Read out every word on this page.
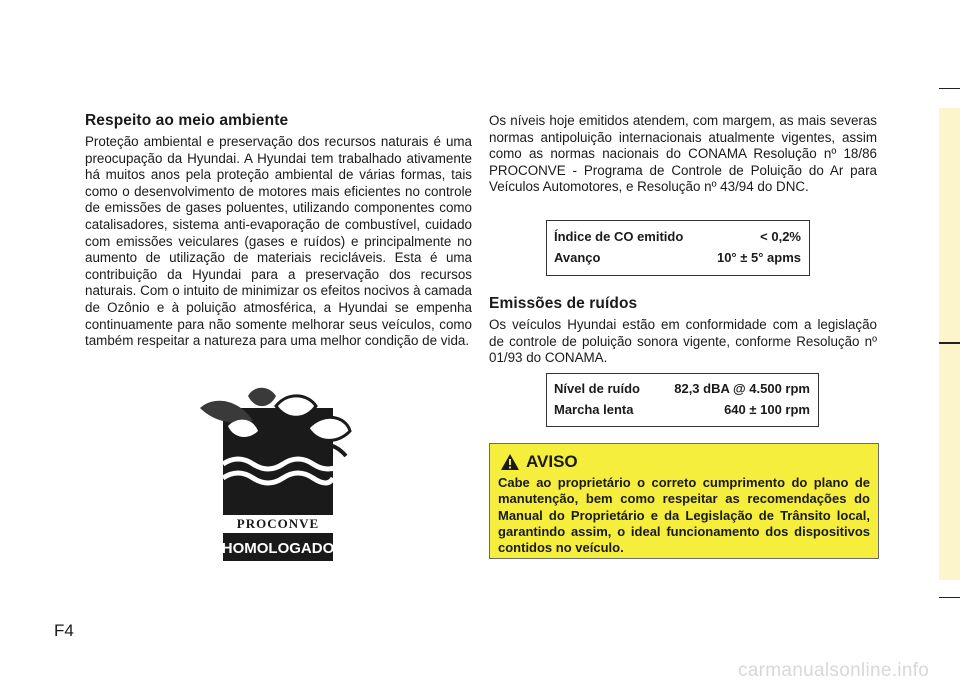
Respeito ao meio ambiente
Proteção ambiental e preservação dos recursos naturais é uma preocupação da Hyundai. A Hyundai tem trabalhado ativamente há muitos anos pela proteção ambiental de várias formas, tais como o desenvolvimento de motores mais eficientes no controle de emissões de gases poluentes, utilizando componentes como catalisadores, sistema anti-evaporação de combustível, cuidado com emissões veiculares (gases e ruídos) e principalmente no aumento de utilização de materiais recicláveis. Esta é uma contribuição da Hyundai para a preservação dos recursos naturais. Com o intuito de minimizar os efeitos nocivos à camada de Ozônio e à poluição atmosférica, a Hyundai se empenha continuamente para não somente melhorar seus veículos, como também respeitar a natureza para uma melhor condição de vida.
IBAMA
PROCONVE
HOMOLOGADO
Os níveis hoje emitidos atendem, com margem, as mais severas normas antipoluição internacionais atualmente vigentes, assim como as normas nacionais do CONAMA Resolução nº 18/86 PROCONVE - Programa de Controle de Poluição do Ar para Veículos Automotores, e Resolução nº 43/94 do DNC.
Índice de CO emitido	< 0,2%
Avanço	10° ± 5° apms
Emissões de ruídos
Os veículos Hyundai estão em conformidade com a legislação de controle de poluição sonora vigente, conforme Resolução nº 01/93 do CONAMA.
Nível de ruído	82,3 dBA @ 4.500 rpm
Marcha lenta	640 ± 100 rpm
AVISO
Cabe ao proprietário o correto cumprimento do plano de manutenção, bem como respeitar as recomendações do Manual do Proprietário e da Legislação de Trânsito local, garantindo assim, o ideal funcionamento dos dispositivos contidos no veículo.
F4
carmanualsonline.info
